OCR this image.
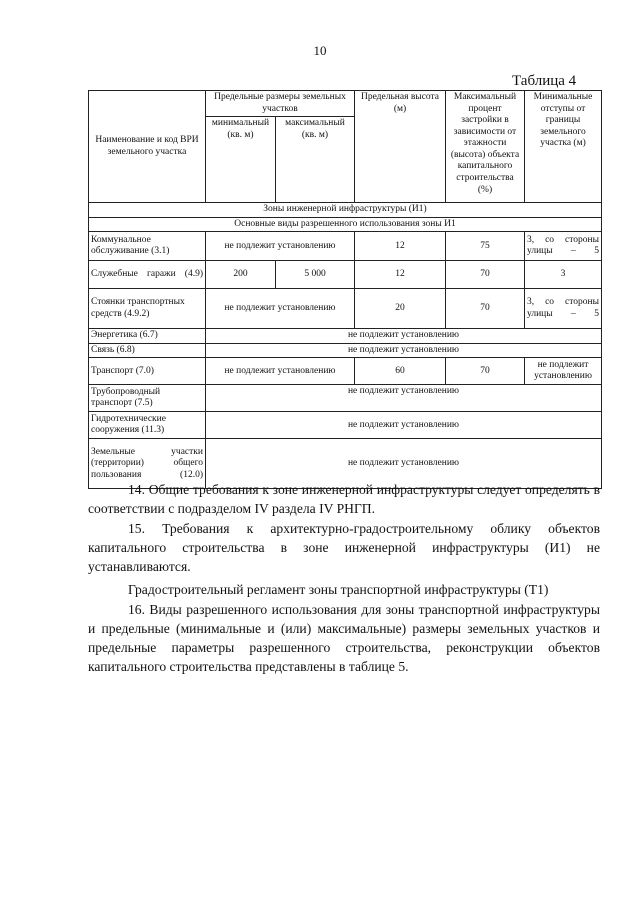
10
Таблица 4
Наименование и код ВРИ земельного участка	Предельные размеры земельных участков		Предельная высота (м)	Максимальный процент застройки в зависимости от этажности (высота) объекта капитального строительства (%)	Минимальные отступы от границы земельного участка (м)
	минимальный (кв. м)	максимальный (кв. м)			
Зоны инженерной инфраструктуры (И1)					
Основные виды разрешенного использования зоны И1					
Коммунальное обслуживание (3.1)	не подлежит установлению		12	75	3, со стороны улицы – 5
Служебные гаражи (4.9)	200	5 000	12	70	3
Стоянки транспортных средств (4.9.2)	не подлежит установлению		20	70	3, со стороны улицы – 5
Энергетика (6.7)	не подлежит установлению				
Связь (6.8)	не подлежит установлению				
Транспорт (7.0)	не подлежит установлению		60	70	не подлежит установлению
Трубопроводный транспорт (7.5)	не подлежит установлению				
Гидротехнические сооружения (11.3)	не подлежит установлению				
Земельные участки (территории) общего пользования (12.0)	не подлежит установлению				

14. Общие требования к зоне инженерной инфраструктуры следует определять в соответствии с подразделом IV раздела IV РНГП.

15. Требования к архитектурно-градостроительному облику объектов капитального строительства в зоне инженерной инфраструктуры (И1) не устанавливаются.

Градостроительный регламент зоны транспортной инфраструктуры (Т1)

16. Виды разрешенного использования для зоны транспортной инфраструктуры и предельные (минимальные и (или) максимальные) размеры земельных участков и предельные параметры разрешенного строительства, реконструкции объектов капитального строительства представлены в таблице 5.
